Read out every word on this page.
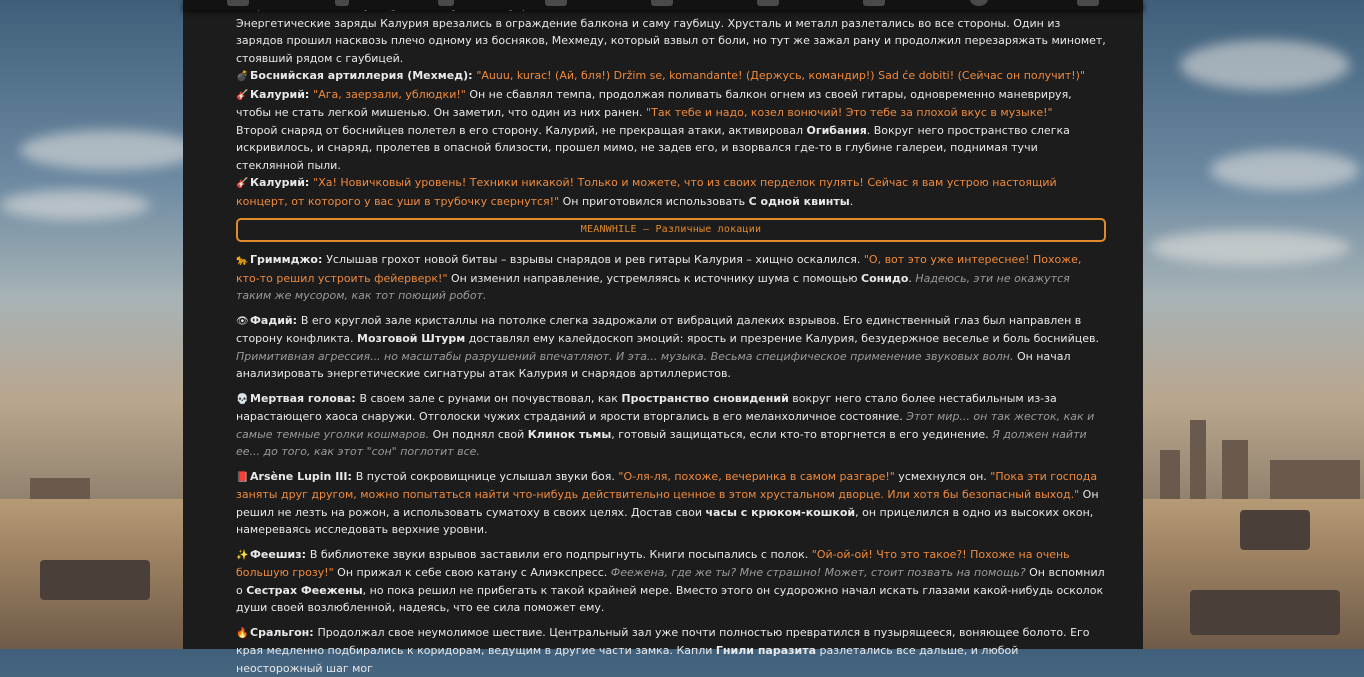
Энергетические заряды Калурия врезались в ограждение балкона и саму гаубицу. Хрусталь и металл разлетались во все стороны. Один из зарядов прошил насквозь плечо одному из босняков, Мехмеду, который взвыл от боли, но тут же зажал рану и продолжил перезаряжать миномет, стоявший рядом с гаубицей.
💣 Боснийская артиллерия (Мехмед): "Auuu, kurac! (Ай, бля!) Držim se, komandante! (Держусь, командир!) Sad će dobiti! (Сейчас он получит!)"
🎸 Калурий: "Ага, заерзали, ублюдки!" Он не сбавлял темпа, продолжая поливать балкон огнем из своей гитары, одновременно маневрируя, чтобы не стать легкой мишенью. Он заметил, что один из них ранен. "Так тебе и надо, козел вонючий! Это тебе за плохой вкус в музыке!"
Второй снаряд от боснийцев полетел в его сторону. Калурий, не прекращая атаки, активировал Огибания. Вокруг него пространство слегка искривилось, и снаряд, пролетев в опасной близости, прошел мимо, не задев его, и взорвался где-то в глубине галереи, поднимая тучи стеклянной пыли.
🎸 Калурий: "Ха! Новичковый уровень! Техники никакой! Только и можете, что из своих перделок пулять! Сейчас я вам устрою настоящий концерт, от которого у вас уши в трубочку свернутся!" Он приготовился использовать С одной квинты.
MEANWHILE – Различные локации
🐆 Гриммджо: Услышав грохот новой битвы – взрывы снарядов и рев гитары Калурия – хищно оскалился. "О, вот это уже интереснее! Похоже, кто-то решил устроить фейерверк!" Он изменил направление, устремляясь к источнику шума с помощью Сонидо. Надеюсь, эти не окажутся таким же мусором, как тот поющий робот.
👁Фадий: В его круглой зале кристаллы на потолке слегка задрожали от вибраций далеких взрывов. Его единственный глаз был направлен в сторону конфликта. Мозговой Штурм доставлял ему калейдоскоп эмоций: ярость и презрение Калурия, безудержное веселье и боль боснийцев. Примитивная агрессия... но масштабы разрушений впечатляют. И эта... музыка. Весьма специфическое применение звуковых волн. Он начал анализировать энергетические сигнатуры атак Калурия и снарядов артиллеристов.
💀 Мертвая голова: В своем зале с рунами он почувствовал, как Пространство сновидений вокруг него стало более нестабильным из-за нарастающего хаоса снаружи. Отголоски чужих страданий и ярости вторгались в его меланхоличное состояние. Этот мир... он так жесток, как и самые темные уголки кошмаров. Он поднял свой Клинок тьмы, готовый защищаться, если кто-то вторгнется в его уединение. Я должен найти ее... до того, как этот "сон" поглотит все.
📕 Arsène Lupin III: В пустой сокровищнице услышал звуки боя. "О-ля-ля, похоже, вечеринка в самом разгаре!" усмехнулся он. "Пока эти господа заняты друг другом, можно попытаться найти что-нибудь действительно ценное в этом хрустальном дворце. Или хотя бы безопасный выход." Он решил не лезть на рожон, а использовать суматоху в своих целях. Достав свои часы с крюком-кошкой, он прицелился в одно из высоких окон, намереваясь исследовать верхние уровни.
✨ Феешиз: В библиотеке звуки взрывов заставили его подпрыгнуть. Книги посыпались с полок. "Ой-ой-ой! Что это такое?! Похоже на очень большую грозу!" Он прижал к себе свою катану с Алиэкспресс. Феежена, где же ты? Мне страшно! Может, стоит позвать на помощь? Он вспомнил о Сестрах Феежены, но пока решил не прибегать к такой крайней мере. Вместо этого он судорожно начал искать глазами какой-нибудь осколок души своей возлюбленной, надеясь, что ее сила поможет ему.
🔥 Сральгон: Продолжал свое неумолимое шествие. Центральный зал уже почти полностью превратился в пузырящееся, воняющее болото. Его края медленно подбирались к коридорам, ведущим в другие части замка. Капли Гнили паразита разлетались все дальше, и любой неосторожный шаг мог
